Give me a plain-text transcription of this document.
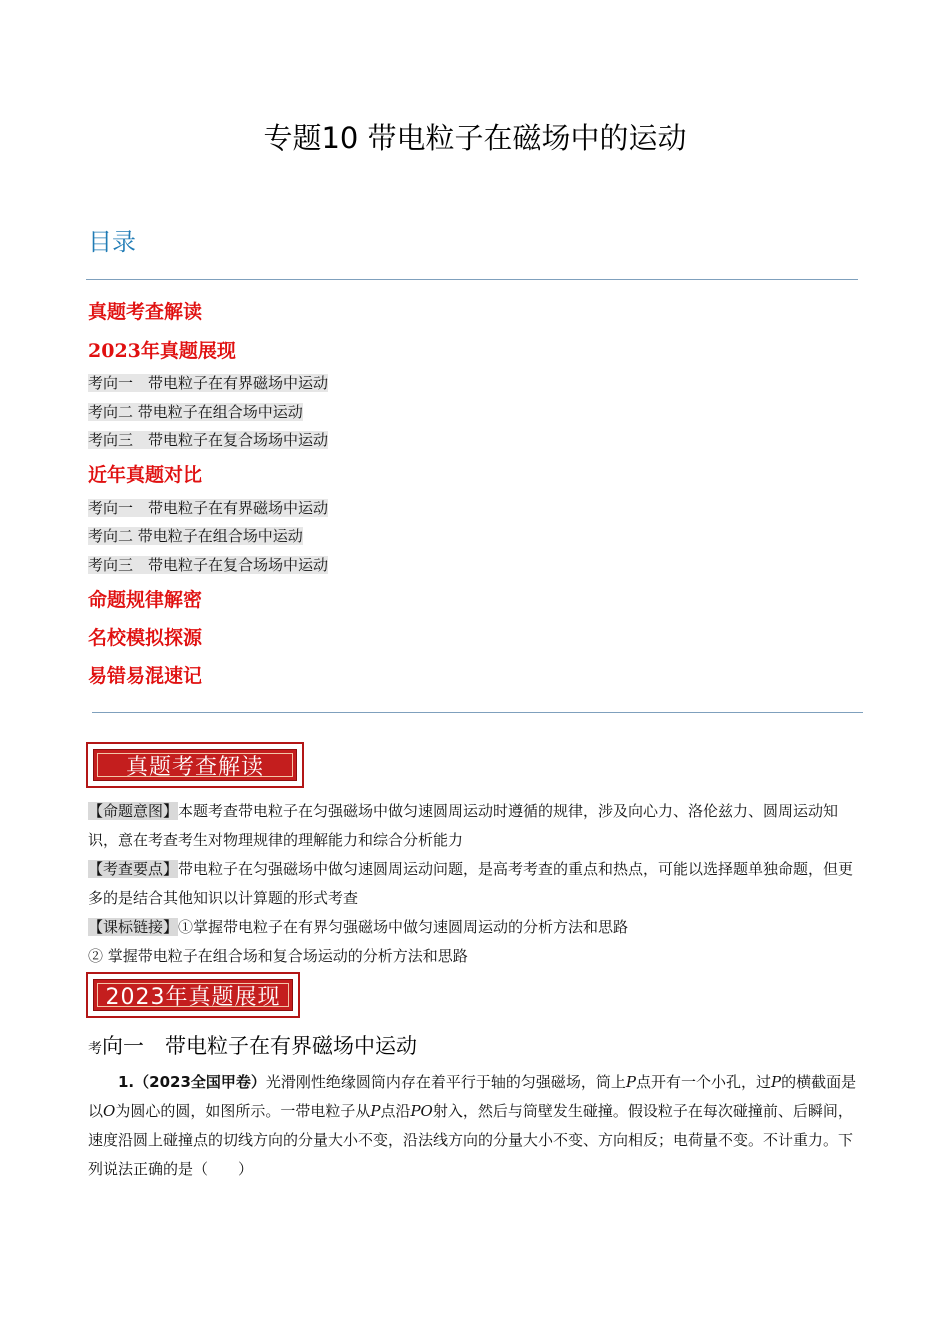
专题10 带电粒子在磁场中的运动
目录
真题考查解读
2023年真题展现
考向一　带电粒子在有界磁场中运动
考向二 带电粒子在组合场中运动
考向三　带电粒子在复合场场中运动
近年真题对比
考向一　带电粒子在有界磁场中运动
考向二 带电粒子在组合场中运动
考向三　带电粒子在复合场场中运动
命题规律解密
名校模拟探源
易错易混速记
真题考查解读
【命题意图】本题考查带电粒子在匀强磁场中做匀速圆周运动时遵循的规律，涉及向心力、洛伦兹力、圆周运动知识，意在考查考生对物理规律的理解能力和综合分析能力
【考查要点】带电粒子在匀强磁场中做匀速圆周运动问题，是高考考查的重点和热点，可能以选择题单独命题，但更多的是结合其他知识以计算题的形式考查
【课标链接】①掌握带电粒子在有界匀强磁场中做匀速圆周运动的分析方法和思路
② 掌握带电粒子在组合场和复合场运动的分析方法和思路
2023年真题展现
考向一　带电粒子在有界磁场中运动
1.（2023全国甲卷）光滑刚性绝缘圆筒内存在着平行于轴的匀强磁场，筒上P点开有一个小孔，过P的横截面是以O为圆心的圆，如图所示。一带电粒子从P点沿PO射入，然后与筒壁发生碰撞。假设粒子在每次碰撞前、后瞬间，速度沿圆上碰撞点的切线方向的分量大小不变，沿法线方向的分量大小不变、方向相反；电荷量不变。不计重力。下列说法正确的是（　　）
